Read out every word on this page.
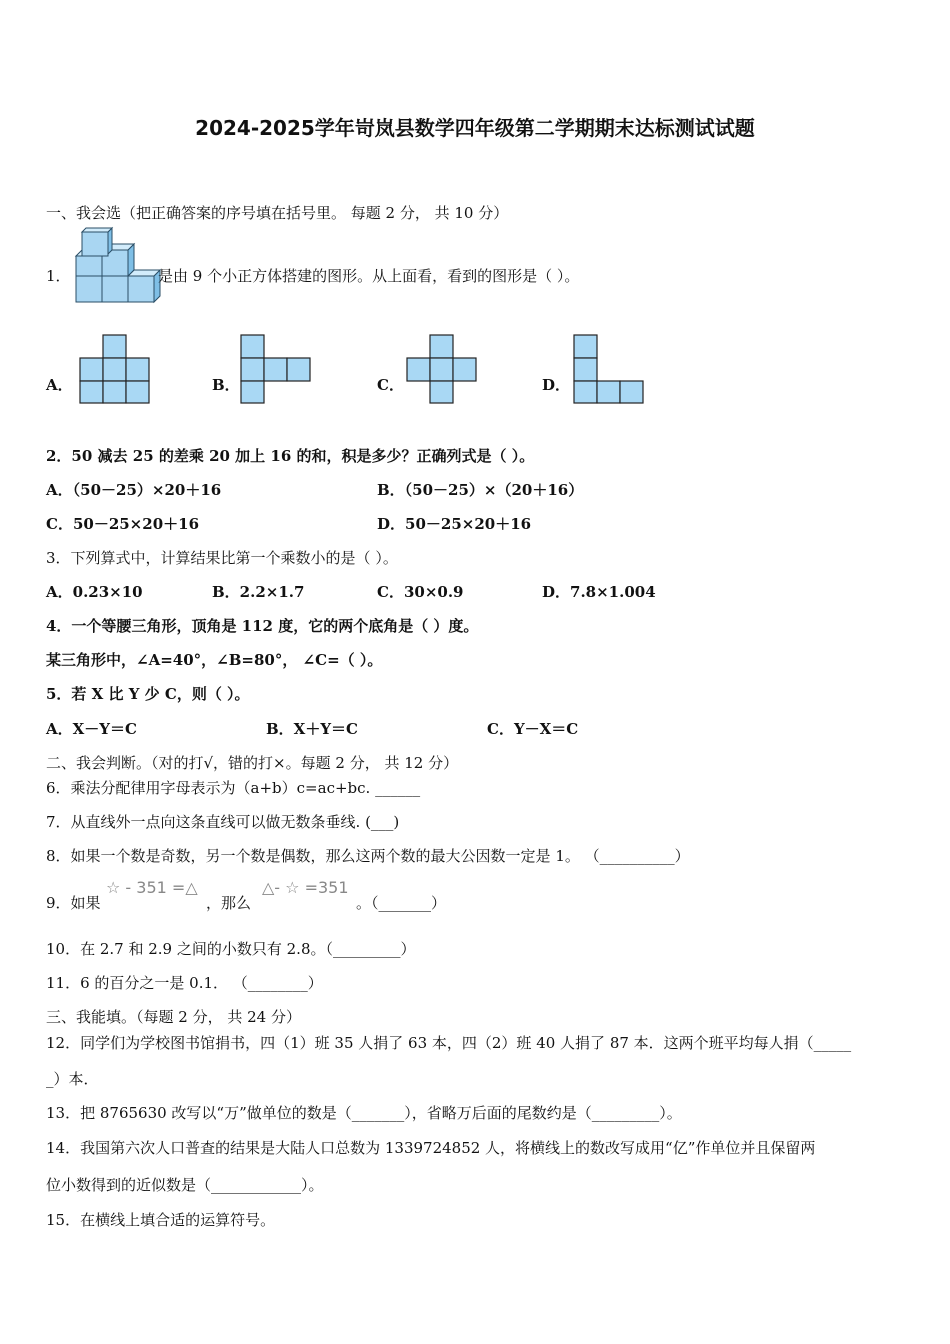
2024-2025学年岢岚县数学四年级第二学期期末达标测试试题
一、我会选（把正确答案的序号填在括号里。 每题 2 分， 共 10 分）
1．	是由 9 个小正方体搭建的图形。从上面看，看到的图形是（ ）。
A．	B．	C．	D．
2．50 减去 25 的差乘 20 加上 16 的和，积是多少？正确列式是（ ）。
A．（50－25）×20＋16	B．（50－25）×（20＋16）
C．50－25×20＋16	D．50－25×20＋16
3．下列算式中，计算结果比第一个乘数小的是（ ）。
A．0.23×10	B．2.2×1.7	C．30×0.9	D．7.8×1.004
4．一个等腰三角形，顶角是 112 度，它的两个底角是（ ）度。
某三角形中，∠A=40°，∠B=80°， ∠C=（ ）。
5．若 X 比 Y 少 C，则（ ）。
A．X－Y＝C	B．X＋Y＝C	C．Y－X＝C
二、我会判断。（对的打√，错的打×。每题 2 分， 共 12 分）
6．乘法分配律用字母表示为（a+b）c=ac+bc. ______
7．从直线外一点向这条直线可以做无数条垂线. (___)
8．如果一个数是奇数，另一个数是偶数，那么这两个数的最大公因数一定是 1。 （__________）
9．如果
☆ - 351 =△
，那么
△- ☆ =351
。（_______）
10．在 2.7 和 2.9 之间的小数只有 2.8。（_________）
11．6 的百分之一是 0.1． （________）
三、我能填。（每题 2 分， 共 24 分）
12．同学们为学校图书馆捐书，四（1）班 35 人捐了 63 本，四（2）班 40 人捐了 87 本．这两个班平均每人捐（_____
_）本．
13．把 8765630 改写以“万”做单位的数是（_______），省略万后面的尾数约是（_________）。
14．我国第六次人口普查的结果是大陆人口总数为 1339724852 人，将横线上的数改写成用“亿”作单位并且保留两
位小数得到的近似数是（____________）。
15．在横线上填合适的运算符号。
